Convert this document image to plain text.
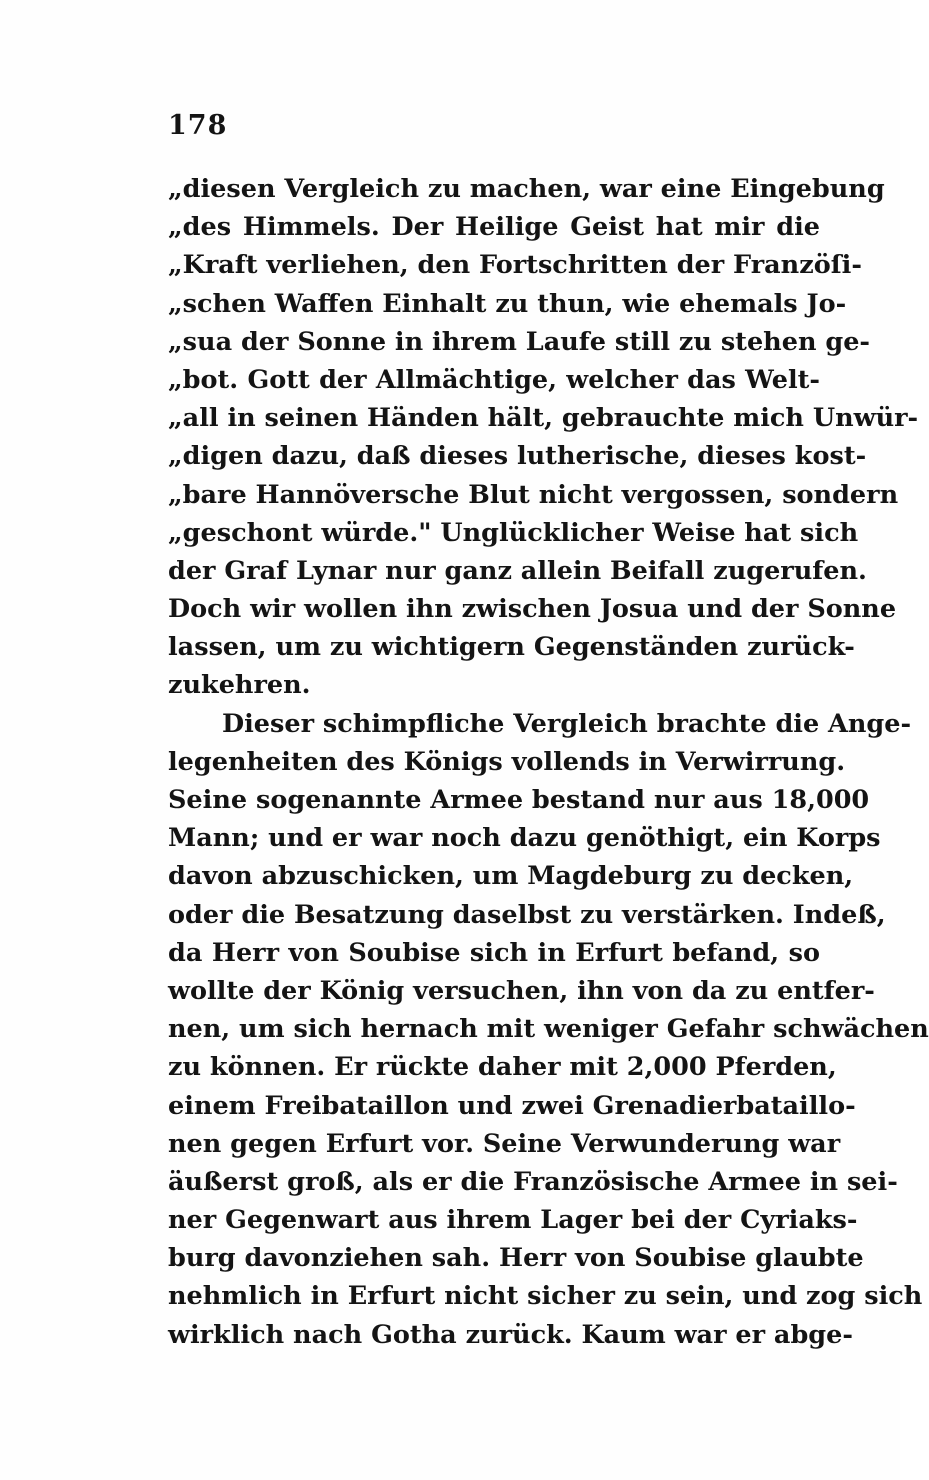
178
„diesen Vergleich zu machen, war eine Eingebung
„des Himmels. Der Heilige Geist hat mir die
„Kraft verliehen, den Fortschritten der Franzöſi-
„schen Waffen Einhalt zu thun, wie ehemals Jo-
„sua der Sonne in ihrem Laufe still zu stehen ge-
„bot. Gott der Allmächtige, welcher das Welt-
„all in seinen Händen hält, gebrauchte mich Unwür-
„digen dazu, daß dieses lutherische, dieses kost-
„bare Hannöversche Blut nicht vergossen, sondern
„geschont würde." Unglücklicher Weise hat sich
der Graf Lynar nur ganz allein Beifall zugerufen.
Doch wir wollen ihn zwischen Josua und der Sonne
lassen, um zu wichtigern Gegenständen zurück-
zukehren.
Dieser schimpfliche Vergleich brachte die Ange-
legenheiten des Königs vollends in Verwirrung.
Seine sogenannte Armee bestand nur aus 18,000
Mann; und er war noch dazu genöthigt, ein Korps
davon abzuschicken, um Magdeburg zu decken,
oder die Besatzung daselbst zu verstärken. Indeß,
da Herr von Soubise sich in Erfurt befand, so
wollte der König versuchen, ihn von da zu entfer-
nen, um sich hernach mit weniger Gefahr schwächen
zu können. Er rückte daher mit 2,000 Pferden,
einem Freibataillon und zwei Grenadierbataillo-
nen gegen Erfurt vor. Seine Verwunderung war
äußerst groß, als er die Französische Armee in sei-
ner Gegenwart aus ihrem Lager bei der Cyriaks-
burg davonziehen sah. Herr von Soubise glaubte
nehmlich in Erfurt nicht sicher zu sein, und zog sich
wirklich nach Gotha zurück. Kaum war er abge-
